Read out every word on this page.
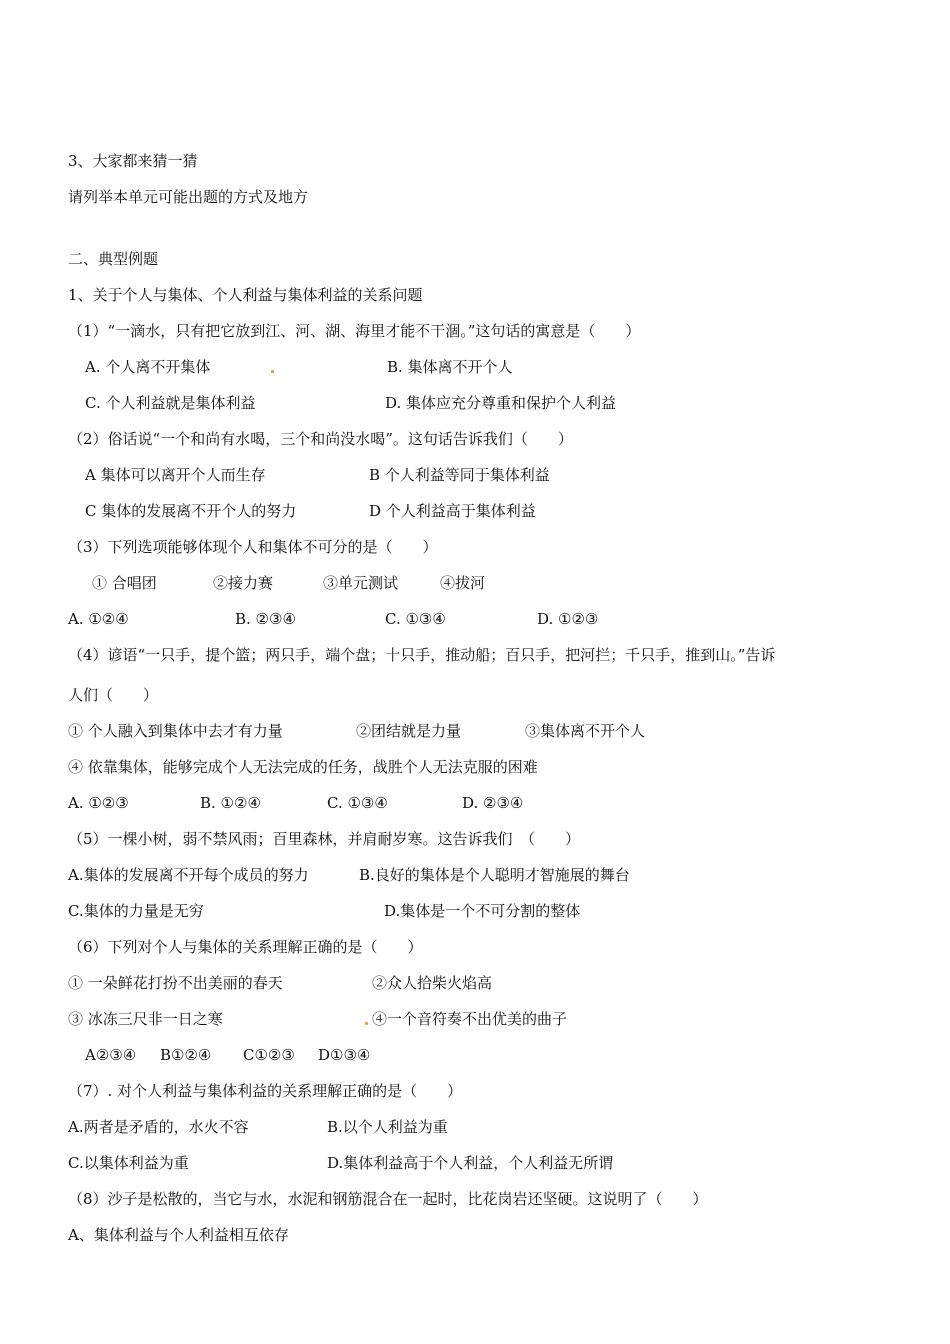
3、大家都来猜一猜
请列举本单元可能出题的方式及地方
二、典型例题
1、关于个人与集体、个人利益与集体利益的关系问题
（1）“一滴水，只有把它放到江、河、湖、海里才能不干涸。”这句话的寓意是（　　）
A. 个人离不开集体	B. 集体离不开个人
C. 个人利益就是集体利益	D. 集体应充分尊重和保护个人利益
（2）俗话说“一个和尚有水喝，三个和尚没水喝”。这句话告诉我们（　　）
A 集体可以离开个人而生存	B 个人利益等同于集体利益
C 集体的发展离不开个人的努力	D 个人利益高于集体利益
（3）下列选项能够体现个人和集体不可分的是（　　）
① 合唱团	②接力赛	③单元测试	④拔河
A. ①②④	B. ②③④	C. ①③④	D. ①②③
（4）谚语“一只手，提个篮；两只手，端个盘；十只手，推动船；百只手，把河拦；千只手，推到山。”告诉
人们（　　）
① 个人融入到集体中去才有力量	②团结就是力量	③集体离不开个人
④ 依靠集体，能够完成个人无法完成的任务，战胜个人无法克服的困难
A. ①②③	B. ①②④	C. ①③④	D. ②③④
（5）一棵小树，弱不禁风雨；百里森林，并肩耐岁寒。这告诉我们　（　　）
A.集体的发展离不开每个成员的努力	B.良好的集体是个人聪明才智施展的舞台
C.集体的力量是无穷	D.集体是一个不可分割的整体
（6）下列对个人与集体的关系理解正确的是（　　）
① 一朵鲜花打扮不出美丽的春天	②众人拾柴火焰高
③ 冰冻三尺非一日之寒	④一个音符奏不出优美的曲子
A②③④ B①②④ C①②③ D①③④
（7）. 对个人利益与集体利益的关系理解正确的是（　　）
A.两者是矛盾的，水火不容	B.以个人利益为重
C.以集体利益为重	D.集体利益高于个人利益，个人利益无所谓
（8）沙子是松散的，当它与水，水泥和钢筋混合在一起时，比花岗岩还坚硬。这说明了（　　）
A、集体利益与个人利益相互依存
